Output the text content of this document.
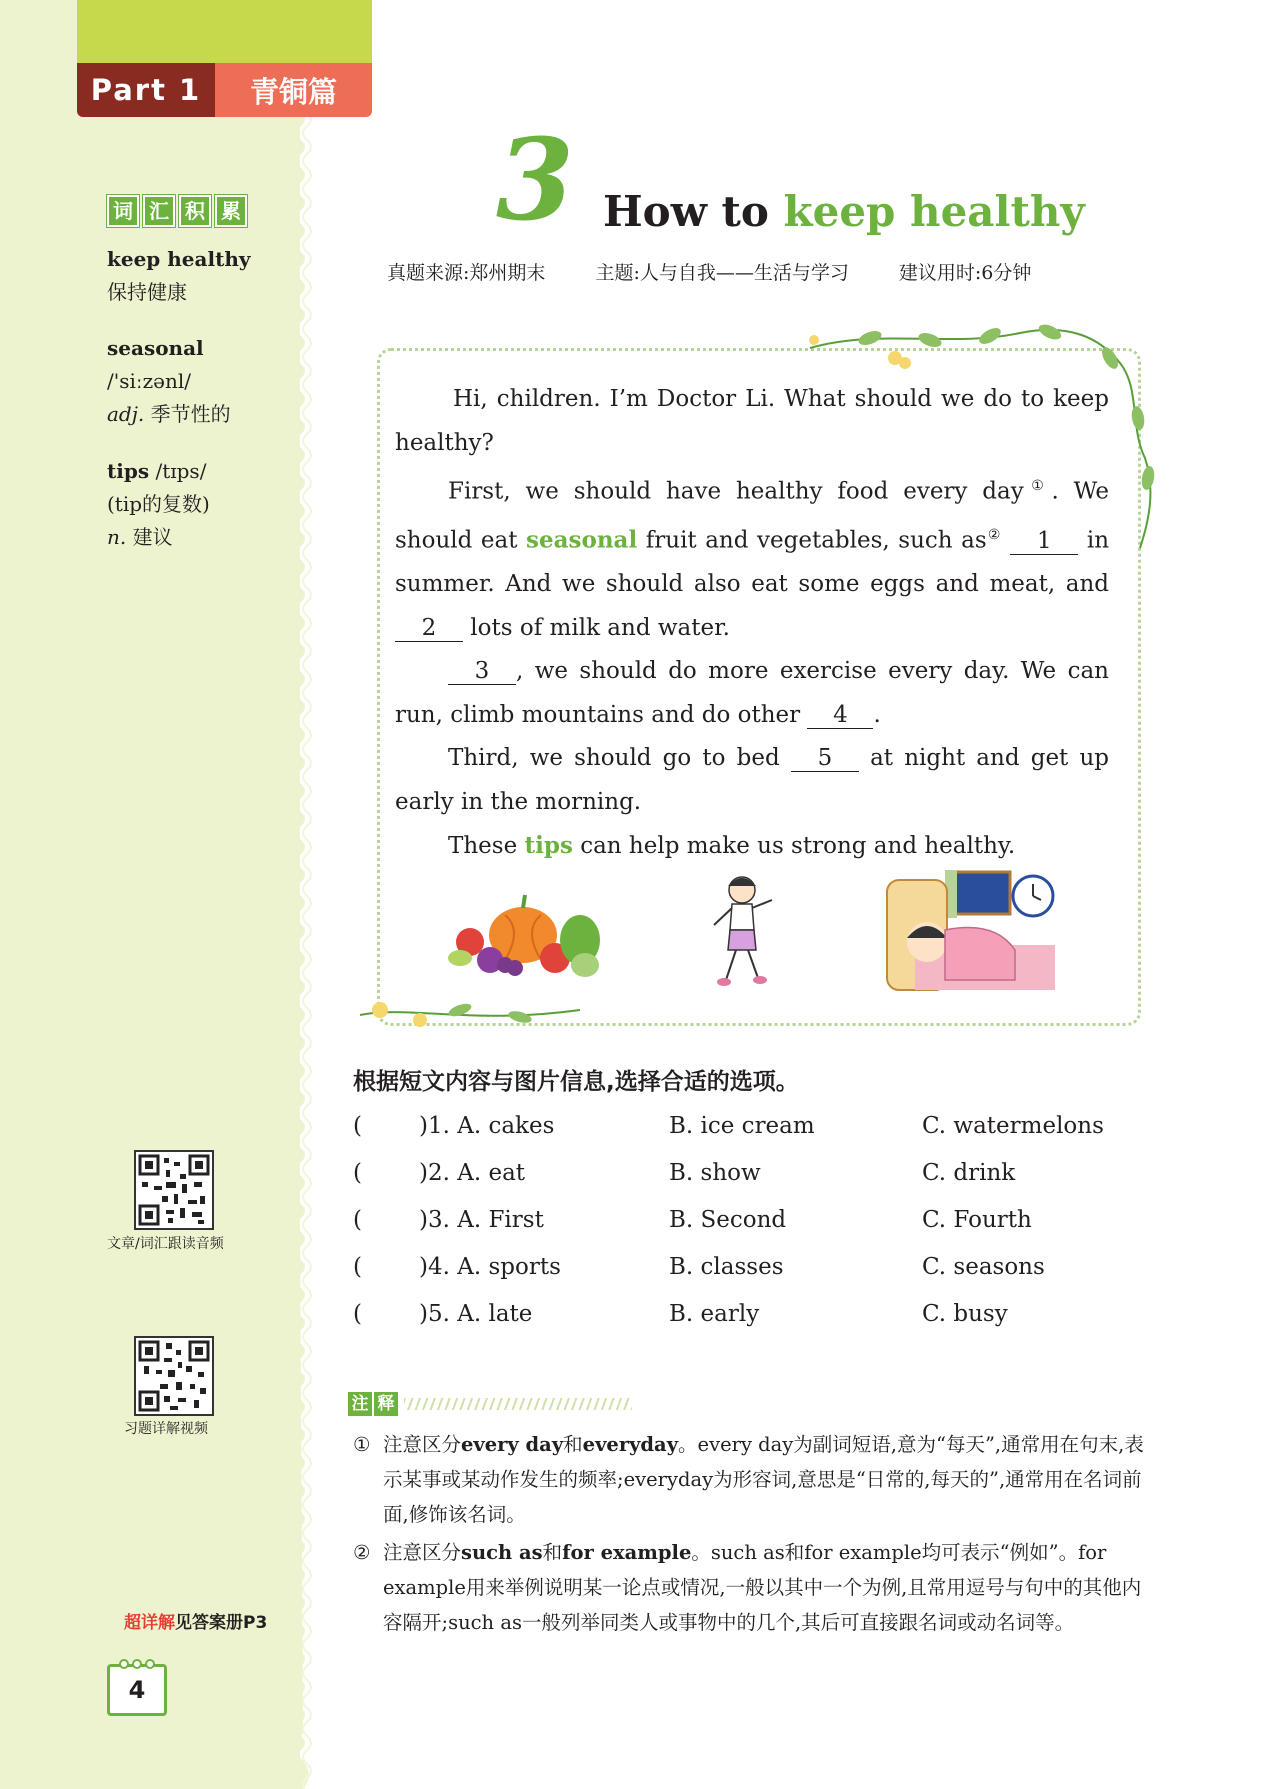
Part 1	青铜篇
词 汇 积 累
keep healthy
保持健康
seasonal
/'siːzənl/
adj. 季节性的
tips /tɪps/
(tip的复数)
n. 建议
文章/词汇跟读音频
习题详解视频
超详解见答案册P3
4
3 How to keep healthy
真题来源:郑州期末	主题:人与自我——生活与学习	建议用时:6分钟

Hi, children. I’m Doctor Li. What should we do to keep healthy?

First, we should have healthy food every day①. We should eat seasonal fruit and vegetables, such as② 1 in summer. And we should also eat some eggs and meat, and 2 lots of milk and water.

3 , we should do more exercise every day. We can run, climb mountains and do other 4 .

Third, we should go to bed 5 at night and get up early in the morning.

These tips can help make us strong and healthy.

根据短文内容与图片信息,选择合适的选项。
( )1. A. cakes	B. ice cream	C. watermelons
( )2. A. eat	B. show	C. drink
( )3. A. First	B. Second	C. Fourth
( )4. A. sports	B. classes	C. seasons
( )5. A. late	B. early	C. busy
注 释
① 注意区分every day和everyday。every day为副词短语,意为“每天”,通常用在句末,表示某事或某动作发生的频率;everyday为形容词,意思是“日常的,每天的”,通常用在名词前面,修饰该名词。
② 注意区分such as和for example。such as和for example均可表示“例如”。for example用来举例说明某一论点或情况,一般以其中一个为例,且常用逗号与句中的其他内容隔开;such as一般列举同类人或事物中的几个,其后可直接跟名词或动名词等。
